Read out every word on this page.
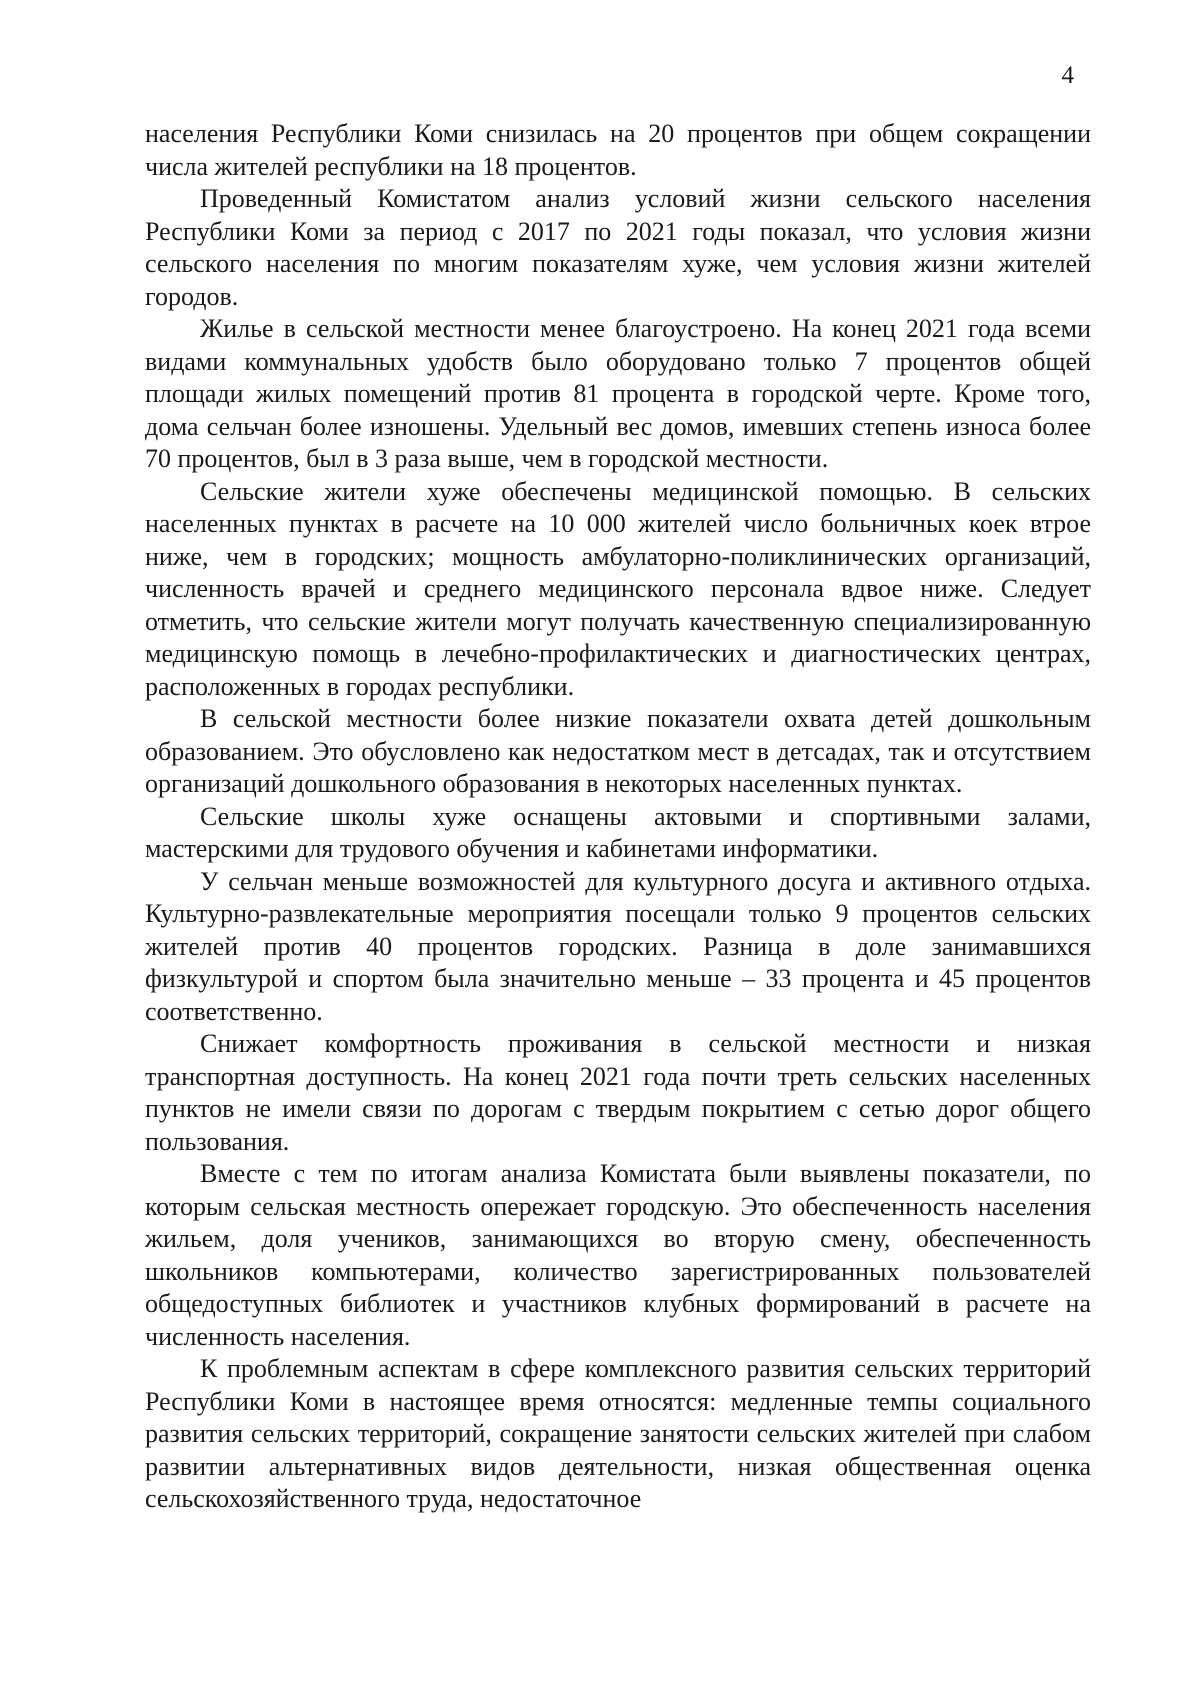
4

населения Республики Коми снизилась на 20 процентов при общем сокращении числа жителей республики на 18 процентов.

Проведенный Комистатом анализ условий жизни сельского населения Республики Коми за период с 2017 по 2021 годы показал, что условия жизни сельского населения по многим показателям хуже, чем условия жизни жителей городов.

Жилье в сельской местности менее благоустроено. На конец 2021 года всеми видами коммунальных удобств было оборудовано только 7 процентов общей площади жилых помещений против 81 процента в городской черте. Кроме того, дома сельчан более изношены. Удельный вес домов, имевших степень износа более 70 процентов, был в 3 раза выше, чем в городской местности.

Сельские жители хуже обеспечены медицинской помощью. В сельских населенных пунктах в расчете на 10 000 жителей число больничных коек втрое ниже, чем в городских; мощность амбулаторно-поликлинических организаций, численность врачей и среднего медицинского персонала вдвое ниже. Следует отметить, что сельские жители могут получать качественную специализированную медицинскую помощь в лечебно-профилактических и диагностических центрах, расположенных в городах республики.

В сельской местности более низкие показатели охвата детей дошкольным образованием. Это обусловлено как недостатком мест в детсадах, так и отсутствием организаций дошкольного образования в некоторых населенных пунктах.

Сельские школы хуже оснащены актовыми и спортивными залами, мастерскими для трудового обучения и кабинетами информатики.

У сельчан меньше возможностей для культурного досуга и активного отдыха. Культурно-развлекательные мероприятия посещали только 9 процентов сельских жителей против 40 процентов городских. Разница в доле занимавшихся физкультурой и спортом была значительно меньше – 33 процента и 45 процентов соответственно.

Снижает комфортность проживания в сельской местности и низкая транспортная доступность. На конец 2021 года почти треть сельских населенных пунктов не имели связи по дорогам с твердым покрытием с сетью дорог общего пользования.

Вместе с тем по итогам анализа Комистата были выявлены показатели, по которым сельская местность опережает городскую. Это обеспеченность населения жильем, доля учеников, занимающихся во вторую смену, обеспеченность школьников компьютерами, количество зарегистрированных пользователей общедоступных библиотек и участников клубных формирований в расчете на численность населения.

К проблемным аспектам в сфере комплексного развития сельских территорий Республики Коми в настоящее время относятся: медленные темпы социального развития сельских территорий, сокращение занятости сельских жителей при слабом развитии альтернативных видов деятельности, низкая общественная оценка сельскохозяйственного труда, недостаточное
